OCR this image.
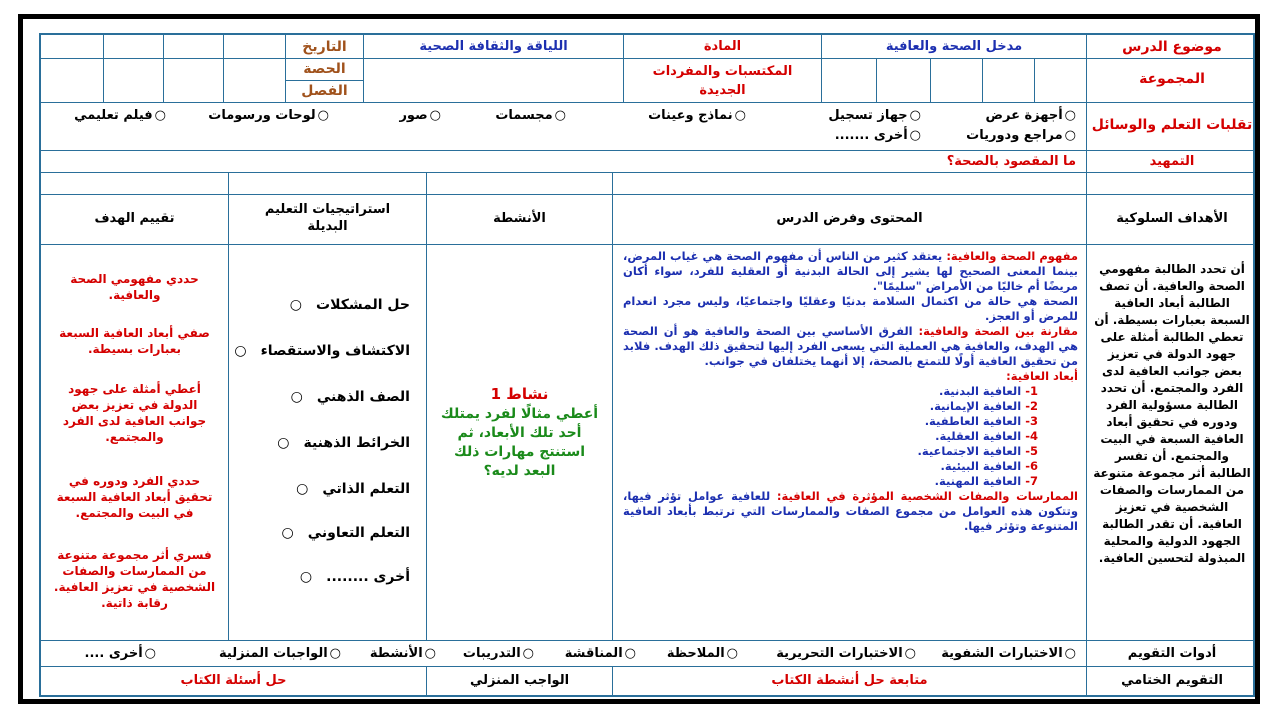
موضوع الدرس
مدخل الصحة والعافية
المادة
اللياقة والثقافة الصحية
التاريخ
المجموعة
المكتسبات والمفردات الجديدة
الحصة
الفصل
تقلبات التعلم والوسائل
○ أجهزة عرض
○ جهاز تسجيل
○ نماذج وعينات
○ مجسمات
○ صور
○ لوحات ورسومات
○ فيلم تعليمي
○ مراجع ودوريات
○ أخرى .......
التمهيد
ما المقصود بالصحة؟
الأهداف السلوكية
المحتوى وفرض الدرس
الأنشطة
استراتيجيات التعليم البديلة
تقييم الهدف
أن تحدد الطالبة مفهومي الصحة والعافية. أن تصف الطالبة أبعاد العافية السبعة بعبارات بسيطة. أن تعطي الطالبة أمثلة على جهود الدولة في تعزيز بعض جوانب العافية لدى الفرد والمجتمع. أن تحدد الطالبة مسؤولية الفرد ودوره في تحقيق أبعاد العافية السبعة في البيت والمجتمع. أن تفسر الطالبة أثر مجموعة متنوعة من الممارسات والصفات الشخصية في تعزيز العافية. أن تقدر الطالبة الجهود الدولية والمحلية المبذولة لتحسين العافية.
مفهوم الصحة والعافية: يعتقد كثير من الناس أن مفهوم الصحة هي غياب المرض، بينما المعنى الصحيح لها يشير إلى الحالة البدنية أو العقلية للفرد، سواء أكان مريضًا أم خاليًا من الأمراض "سليمًا".
الصحة هي حالة من اكتمال السلامة بدنيًا وعقليًا واجتماعيًا، وليس مجرد انعدام للمرض أو العجز.
مقارنة بين الصحة والعافية: الفرق الأساسي بين الصحة والعافية هو أن الصحة هي الهدف، والعافية هي العملية التي يسعى الفرد إليها لتحقيق ذلك الهدف. فلابد من تحقيق العافية أولًا للتمتع بالصحة، إلا أنهما يختلفان في جوانب.
أبعاد العافية:

1- العافية البدنية.
2- العافية الإيمانية.
3- العافية العاطفية.
4- العافية العقلية.
5- العافية الاجتماعية.
6- العافية البيئية.
7- العافية المهنية.
الممارسات والصفات الشخصية المؤثرة في العافية: للعافية عوامل تؤثر فيها، وتتكون هذه العوامل من مجموع الصفات والممارسات التي ترتبط بأبعاد العافية المتنوعة وتؤثر فيها.
نشاط 1
أعطي مثالًا لفرد يمتلك أحد تلك الأبعاد، ثم استنتج مهارات ذلك البعد لديه؟
حل المشكلات○
الاكتشاف والاستقصاء○
الصف الذهني○
الخرائط الذهنية○
التعلم الذاتي○
التعلم التعاوني○
أخرى ........○
حددي مفهومي الصحة والعافية.
صفي أبعاد العافية السبعة بعبارات بسيطة.
أعطي أمثلة على جهود الدولة في تعزيز بعض جوانب العافية لدى الفرد والمجتمع.
حددي الفرد ودوره في تحقيق أبعاد العافية السبعة في البيت والمجتمع.
فسري أثر مجموعة متنوعة من الممارسات والصفات الشخصية في تعزيز العافية. رقابة ذاتية.
أدوات التقويم
○ الاختبارات الشفوية
○ الاختبارات التحريرية
○ الملاحظة
○ المناقشة
○ التدريبات
○ الأنشطة
○ الواجبات المنزلية
○ أخرى ....
التقويم الختامي
متابعة حل أنشطة الكتاب
الواجب المنزلي
حل أسئلة الكتاب
